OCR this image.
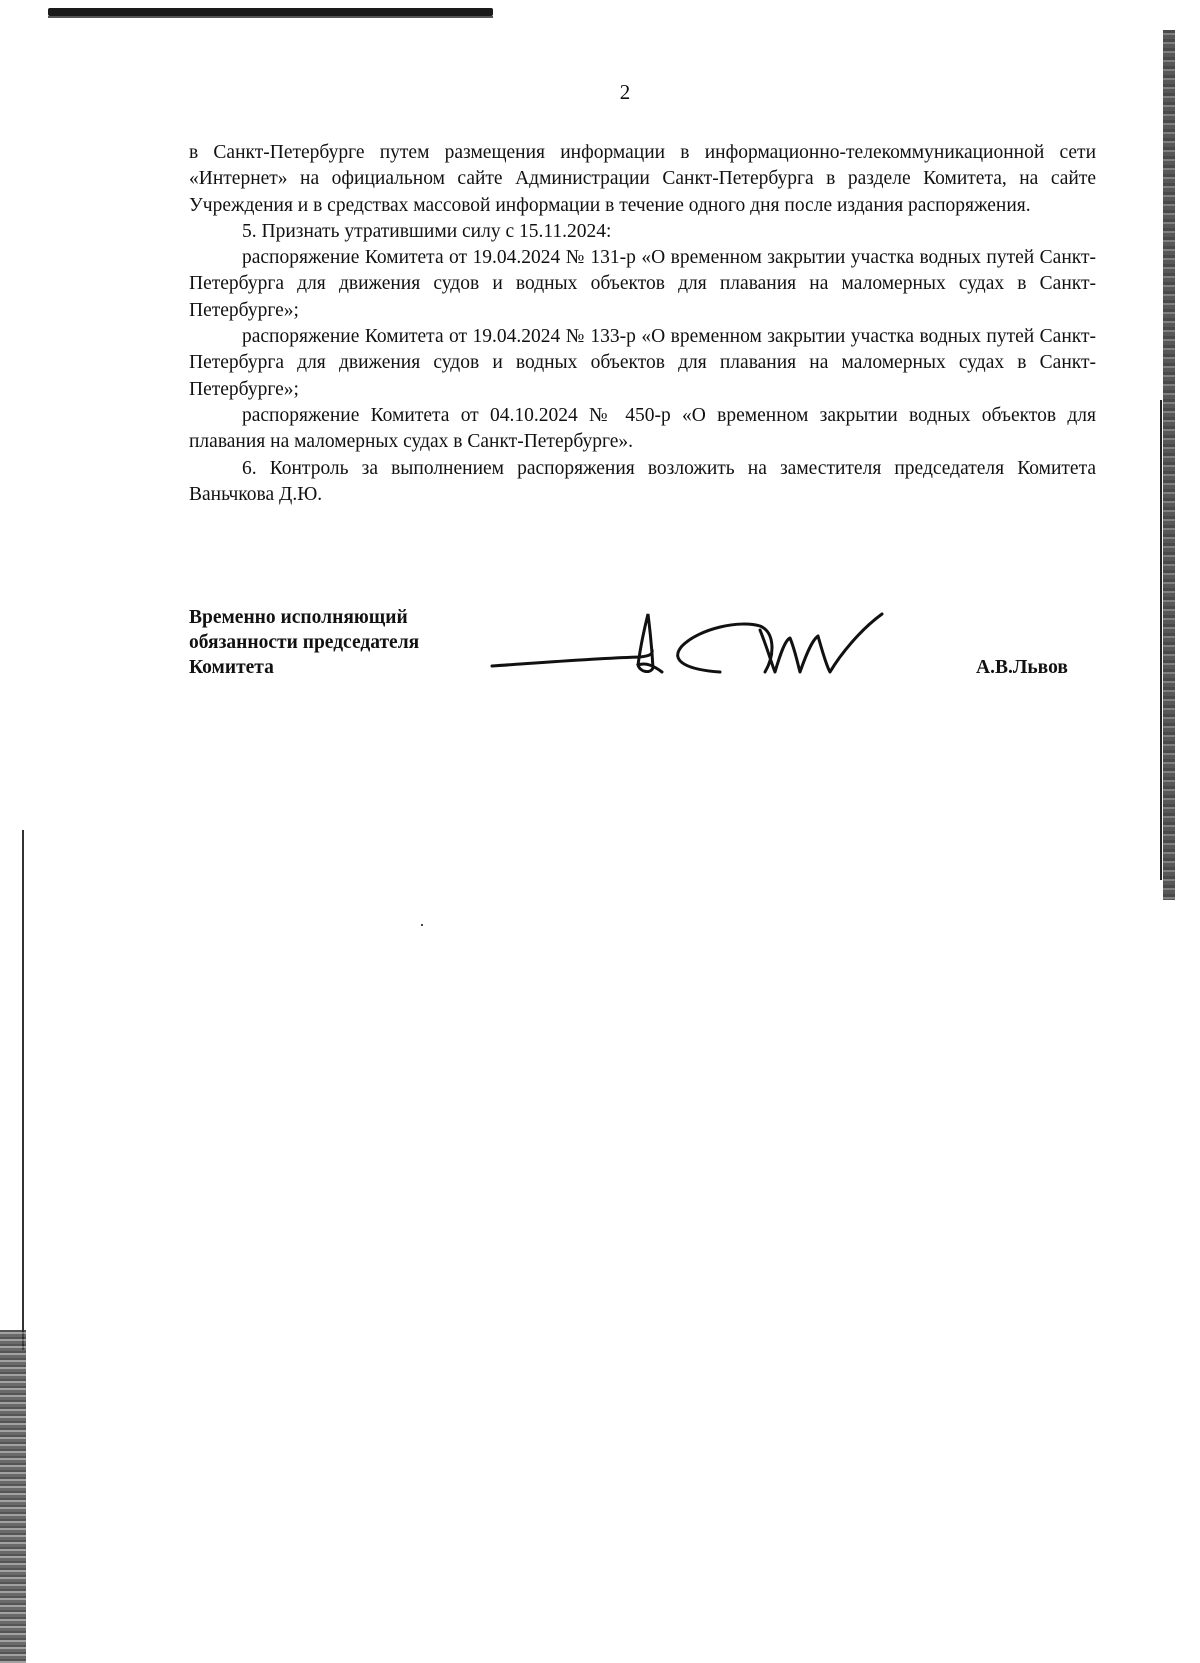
2

в Санкт-Петербурге путем размещения информации в информационно-телекоммуникационной сети «Интернет» на официальном сайте Администрации Санкт-Петербурга в разделе Комитета, на сайте Учреждения и в средствах массовой информации в течение одного дня после издания распоряжения.

5. Признать утратившими силу с 15.11.2024:

распоряжение Комитета от 19.04.2024 № 131-р «О временном закрытии участка водных путей Санкт-Петербурга для движения судов и водных объектов для плавания на маломерных судах в Санкт-Петербурге»;

распоряжение Комитета от 19.04.2024 № 133-р «О временном закрытии участка водных путей Санкт-Петербурга для движения судов и водных объектов для плавания на маломерных судах в Санкт-Петербурге»;

распоряжение Комитета от 04.10.2024 № 450-р «О временном закрытии водных объектов для плавания на маломерных судах в Санкт-Петербурге».

6. Контроль за выполнением распоряжения возложить на заместителя председателя Комитета Ваньчкова Д.Ю.

Временно исполняющий
обязанности председателя
Комитета	А.В.Львов
